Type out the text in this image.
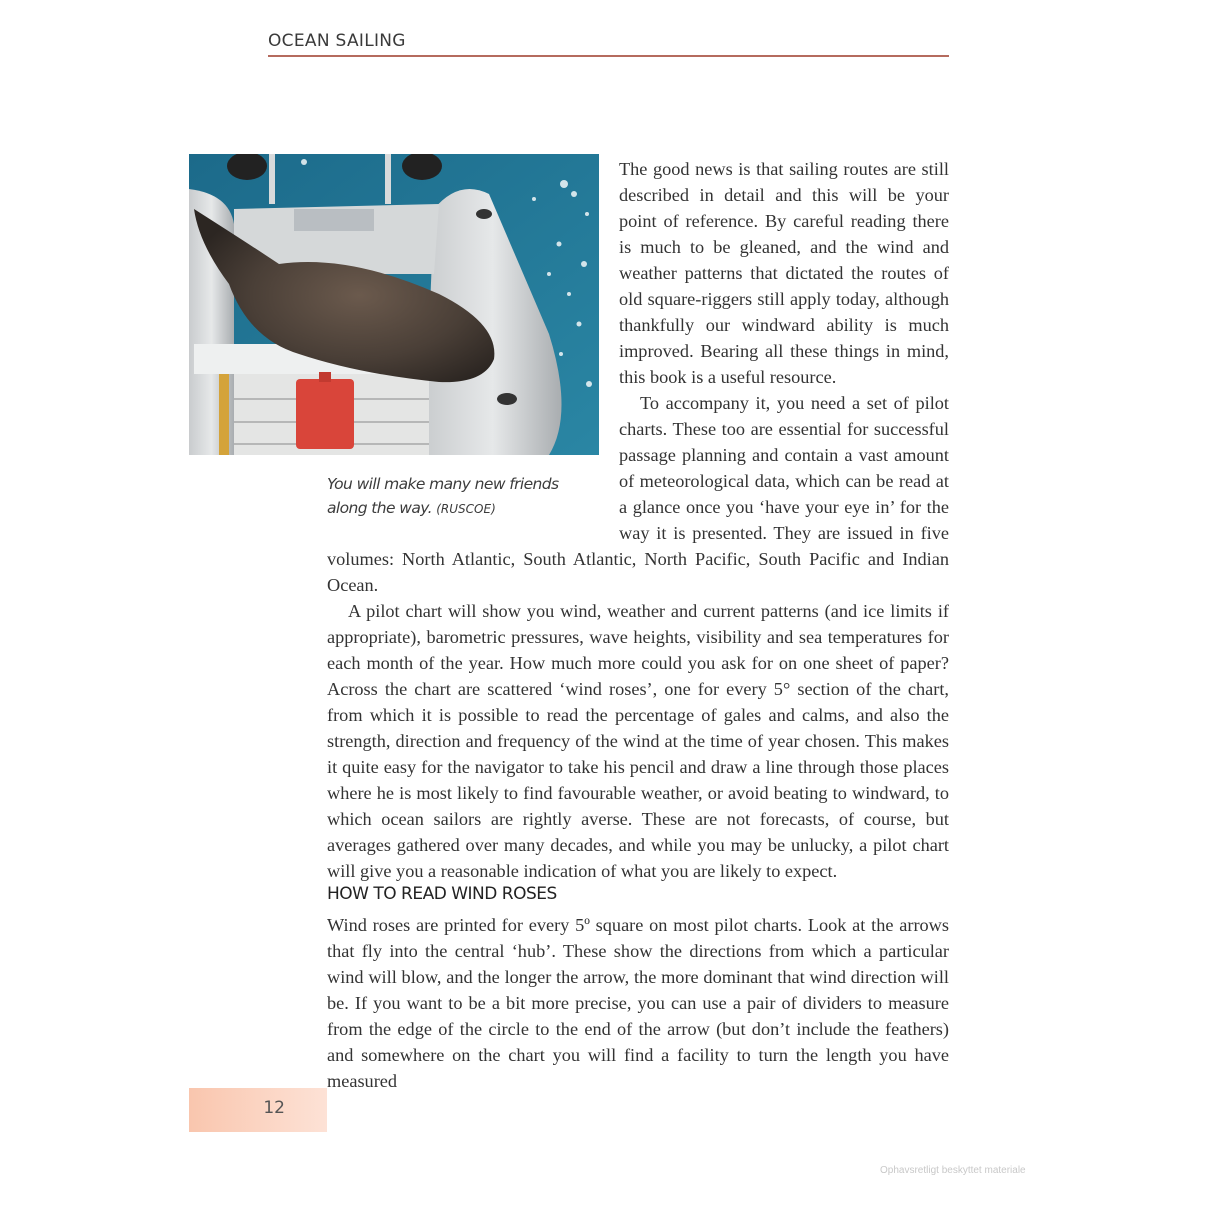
OCEAN SAILING
You will make many new friends along the way. (RUSCOE)

The good news is that sailing routes are still described in detail and this will be your point of reference. By careful reading there is much to be gleaned, and the wind and weather patterns that dictated the routes of old square-riggers still apply today, although thankfully our windward ability is much improved. Bearing all these things in mind, this book is a useful resource.

To accompany it, you need a set of pilot charts. These too are essential for successful passage planning and contain a vast amount of meteorological data, which can be read at a glance once you ‘have your eye in’ for the way it is presented. They are issued in five

volumes: North Atlantic, South Atlantic, North Pacific, South Pacific and Indian Ocean.

A pilot chart will show you wind, weather and current patterns (and ice limits if appropriate), barometric pressures, wave heights, visibility and sea temperatures for each month of the year. How much more could you ask for on one sheet of paper? Across the chart are scattered ‘wind roses’, one for every 5° section of the chart, from which it is possible to read the percentage of gales and calms, and also the strength, direction and frequency of the wind at the time of year chosen. This makes it quite easy for the navigator to take his pencil and draw a line through those places where he is most likely to find favourable weather, or avoid beating to windward, to which ocean sailors are rightly averse. These are not forecasts, of course, but averages gathered over many decades, and while you may be unlucky, a pilot chart will give you a reasonable indication of what you are likely to expect.

HOW TO READ WIND ROSES

Wind roses are printed for every 5º square on most pilot charts. Look at the arrows that fly into the central ‘hub’. These show the directions from which a particular wind will blow, and the longer the arrow, the more dominant that wind direction will be. If you want to be a bit more precise, you can use a pair of dividers to measure from the edge of the circle to the end of the arrow (but don’t include the feathers) and somewhere on the chart you will find a facility to turn the length you have measured

12
Ophavsretligt beskyttet materiale
